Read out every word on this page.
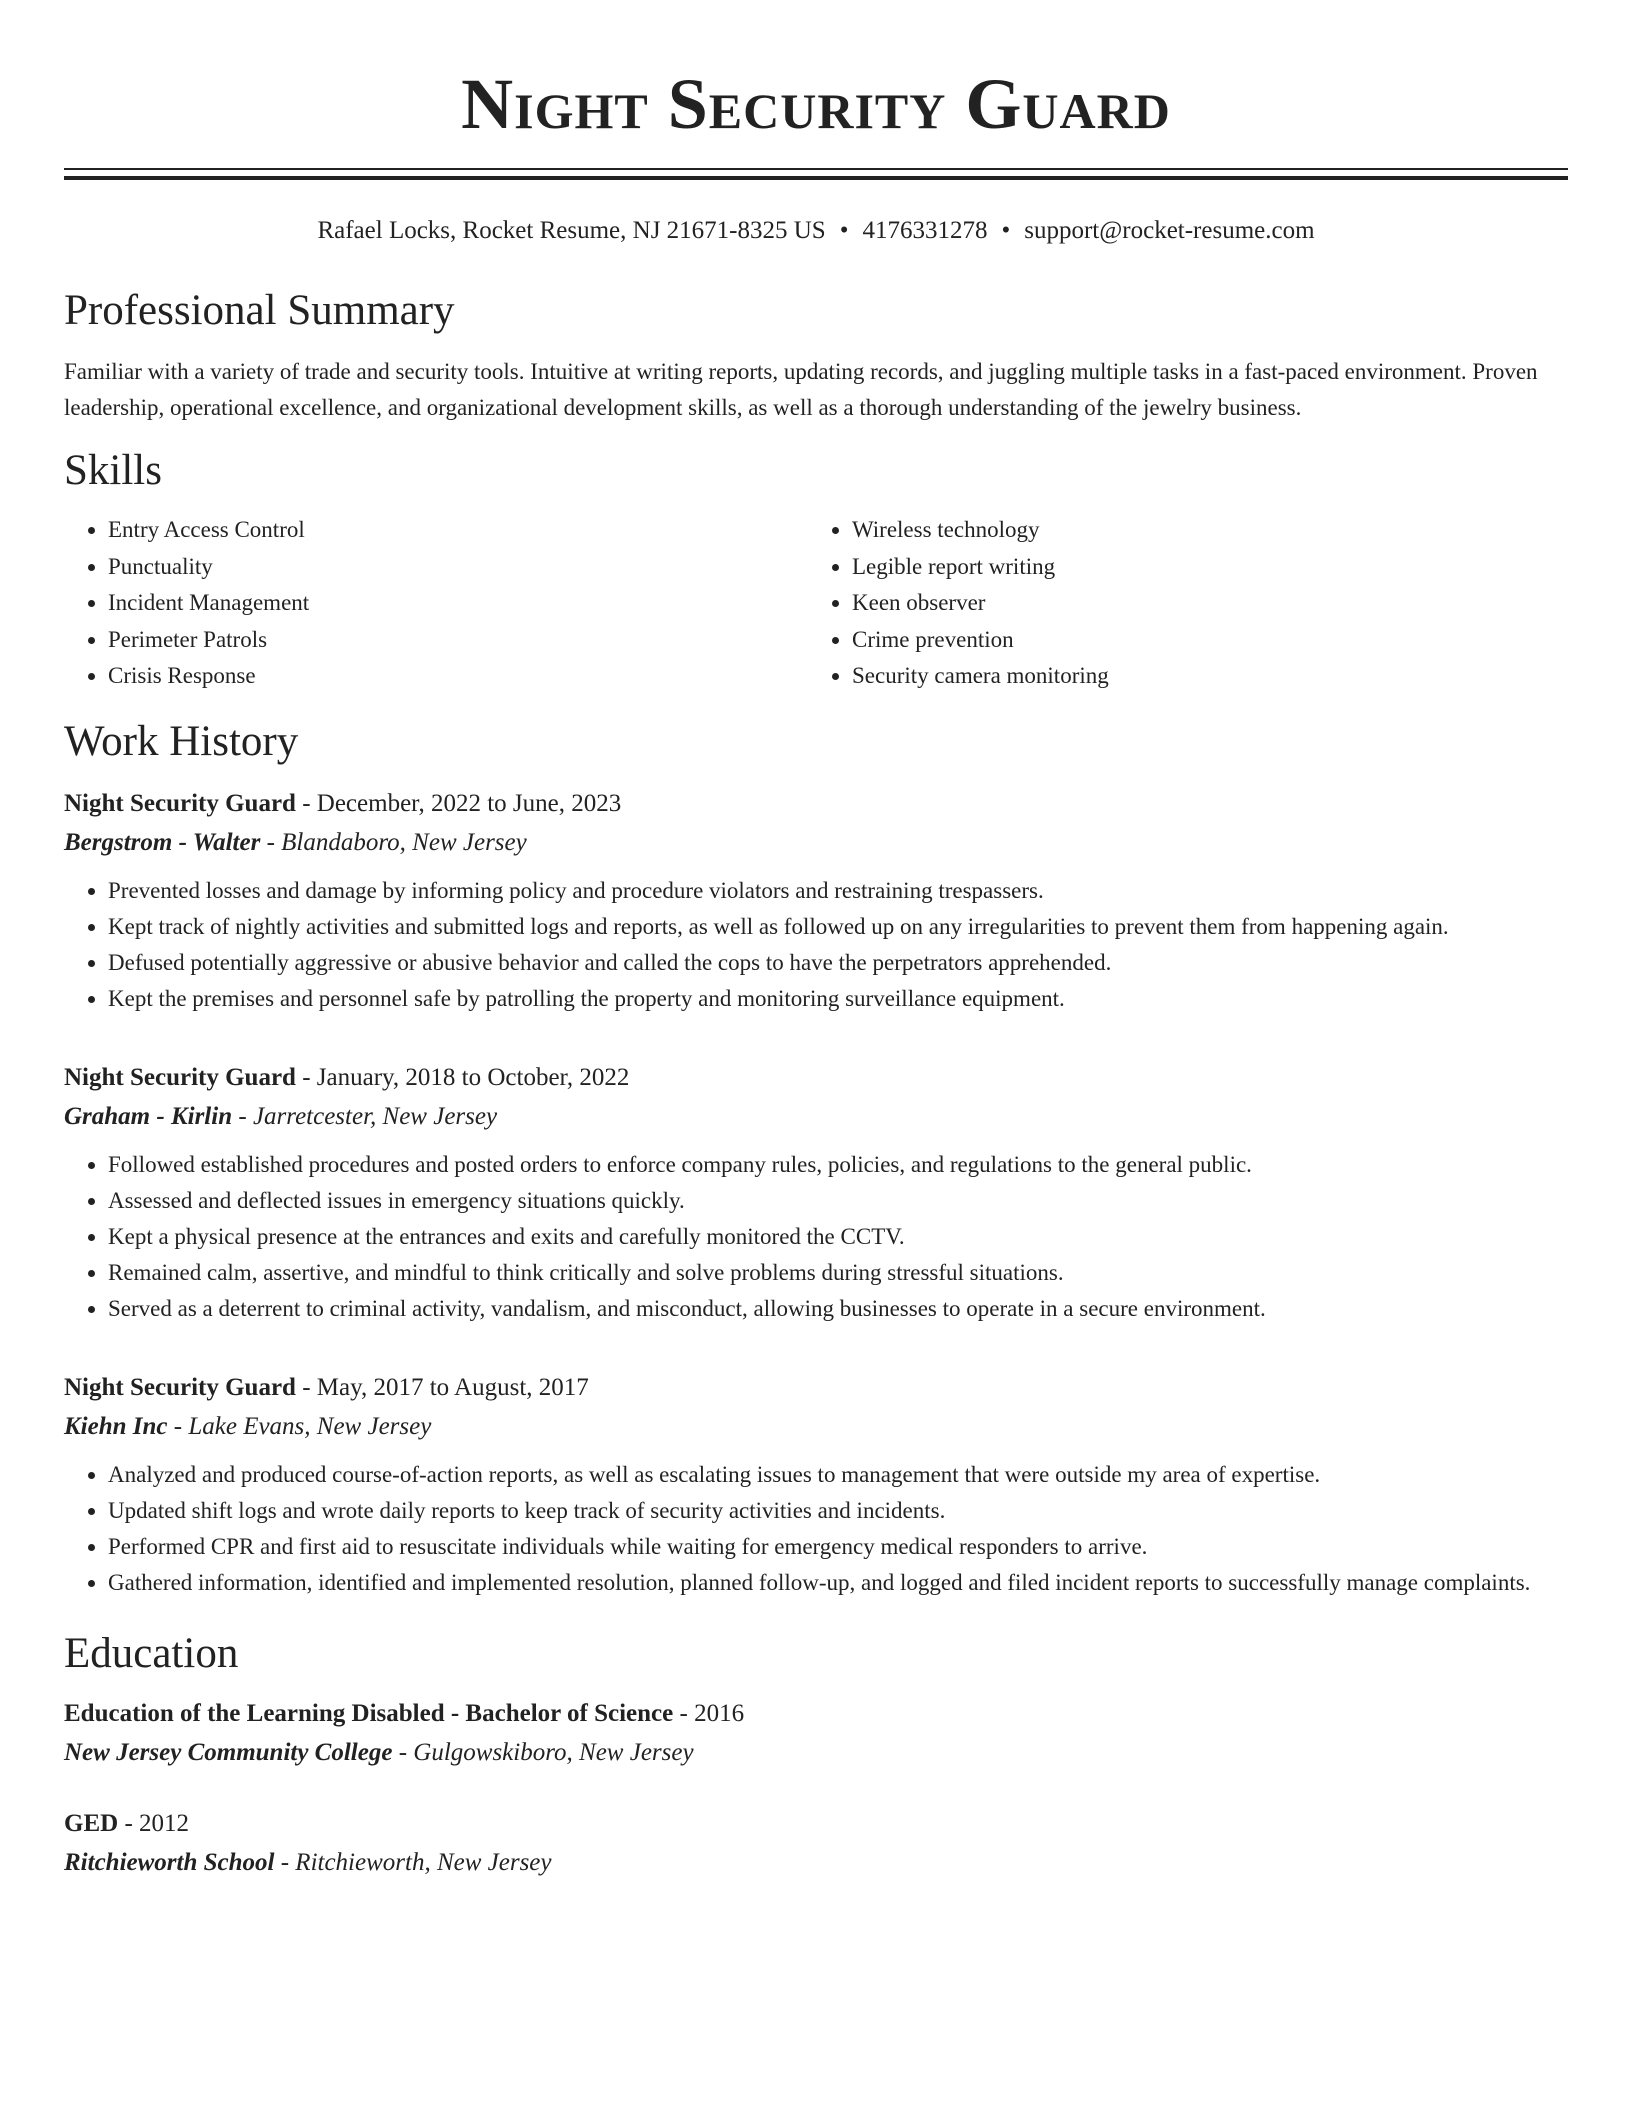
Night Security Guard
Rafael Locks, Rocket Resume, NJ 21671-8325 US • 4176331278 • support@rocket-resume.com
Professional Summary
Familiar with a variety of trade and security tools. Intuitive at writing reports, updating records, and juggling multiple tasks in a fast-paced environment. Proven leadership, operational excellence, and organizational development skills, as well as a thorough understanding of the jewelry business.
Skills
• Entry Access Control
• Punctuality
• Incident Management
• Perimeter Patrols
• Crisis Response
• Wireless technology
• Legible report writing
• Keen observer
• Crime prevention
• Security camera monitoring
Work History
Night Security Guard - December, 2022 to June, 2023
Bergstrom - Walter - Blandaboro, New Jersey
• Prevented losses and damage by informing policy and procedure violators and restraining trespassers.
• Kept track of nightly activities and submitted logs and reports, as well as followed up on any irregularities to prevent them from happening again.
• Defused potentially aggressive or abusive behavior and called the cops to have the perpetrators apprehended.
• Kept the premises and personnel safe by patrolling the property and monitoring surveillance equipment.
Night Security Guard - January, 2018 to October, 2022
Graham - Kirlin - Jarretcester, New Jersey
• Followed established procedures and posted orders to enforce company rules, policies, and regulations to the general public.
• Assessed and deflected issues in emergency situations quickly.
• Kept a physical presence at the entrances and exits and carefully monitored the CCTV.
• Remained calm, assertive, and mindful to think critically and solve problems during stressful situations.
• Served as a deterrent to criminal activity, vandalism, and misconduct, allowing businesses to operate in a secure environment.
Night Security Guard - May, 2017 to August, 2017
Kiehn Inc - Lake Evans, New Jersey
• Analyzed and produced course-of-action reports, as well as escalating issues to management that were outside my area of expertise.
• Updated shift logs and wrote daily reports to keep track of security activities and incidents.
• Performed CPR and first aid to resuscitate individuals while waiting for emergency medical responders to arrive.
• Gathered information, identified and implemented resolution, planned follow-up, and logged and filed incident reports to successfully manage complaints.
Education
Education of the Learning Disabled - Bachelor of Science - 2016
New Jersey Community College - Gulgowskiboro, New Jersey
GED - 2012
Ritchieworth School - Ritchieworth, New Jersey
